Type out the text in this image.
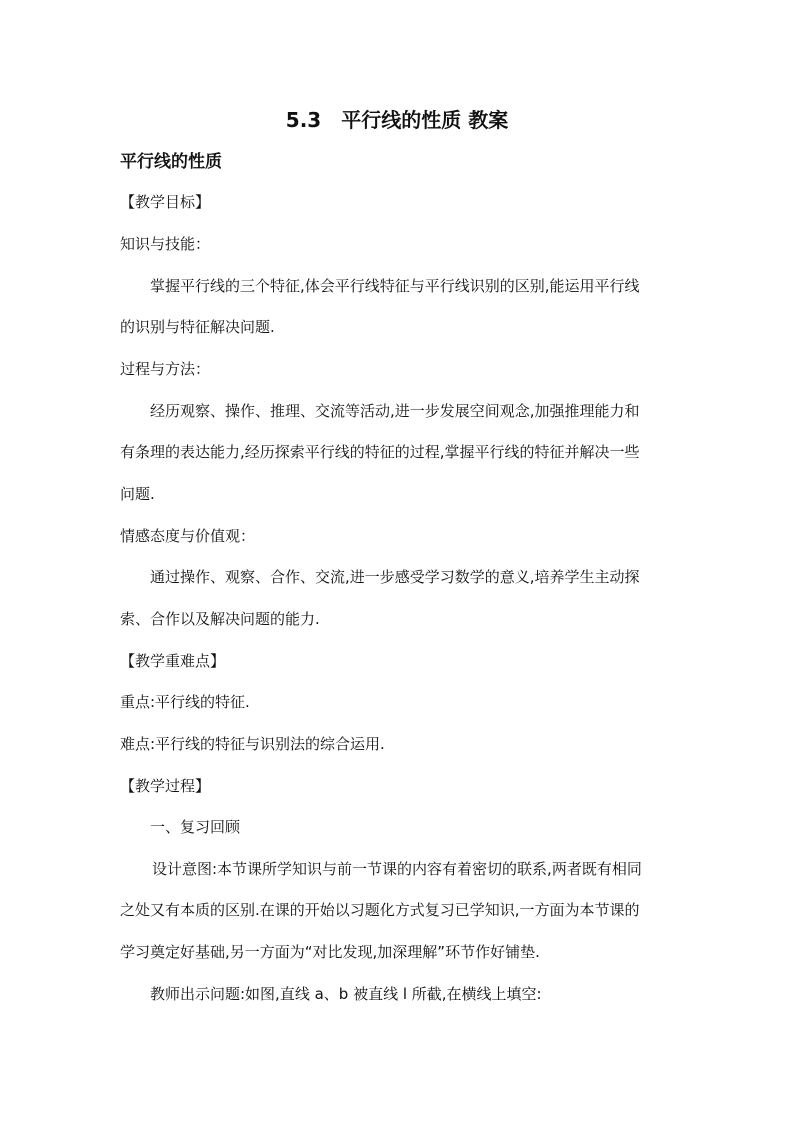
5.3　平行线的性质 教案
平行线的性质
【教学目标】
知识与技能：
掌握平行线的三个特征,体会平行线特征与平行线识别的区别,能运用平行线
的识别与特征解决问题.
过程与方法：
经历观察、操作、推理、交流等活动,进一步发展空间观念,加强推理能力和
有条理的表达能力,经历探索平行线的特征的过程,掌握平行线的特征并解决一些
问题.
情感态度与价值观：
通过操作、观察、合作、交流,进一步感受学习数学的意义,培养学生主动探
索、合作以及解决问题的能力.
【教学重难点】
重点:平行线的特征.
难点:平行线的特征与识别法的综合运用.
【教学过程】
一、复习回顾
设计意图:本节课所学知识与前一节课的内容有着密切的联系,两者既有相同
之处又有本质的区别.在课的开始以习题化方式复习已学知识,一方面为本节课的
学习奠定好基础,另一方面为“对比发现,加深理解”环节作好铺垫.
教师出示问题:如图,直线 a、b 被直线 l 所截,在横线上填空:
